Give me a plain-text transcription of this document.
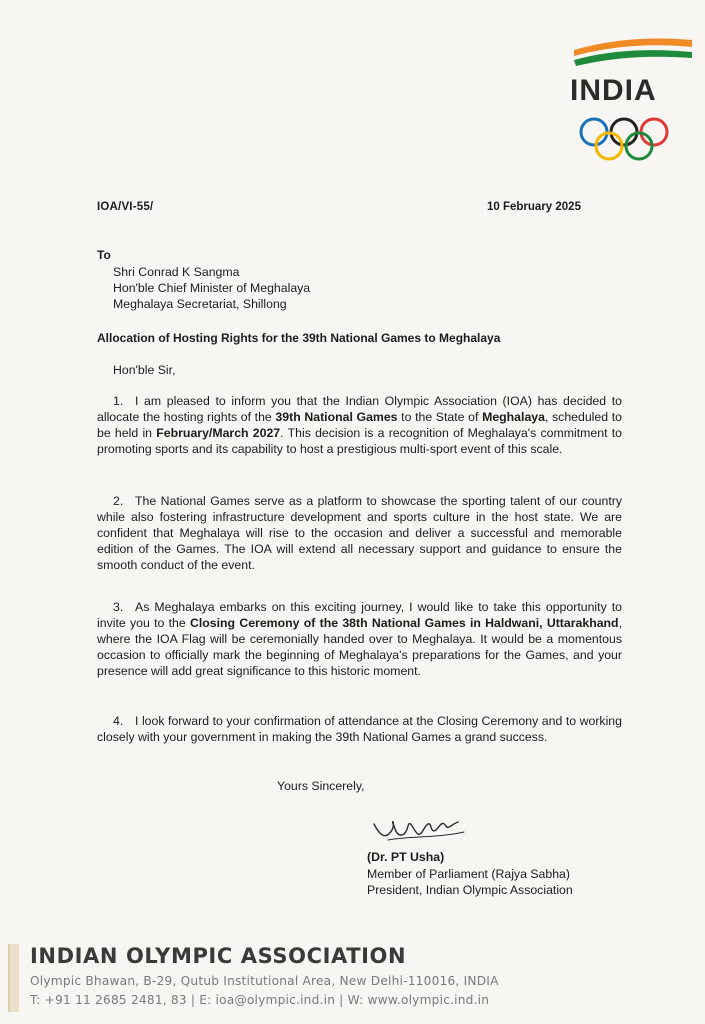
INDIA
IOA/VI-55/	10 February 2025
To
Shri Conrad K Sangma
Hon'ble Chief Minister of Meghalaya
Meghalaya Secretariat, Shillong
Allocation of Hosting Rights for the 39th National Games to Meghalaya
Hon'ble Sir,
1. I am pleased to inform you that the Indian Olympic Association (IOA) has decided to allocate the hosting rights of the 39th National Games to the State of Meghalaya, scheduled to be held in February/March 2027. This decision is a recognition of Meghalaya's commitment to promoting sports and its capability to host a prestigious multi-sport event of this scale.
2. The National Games serve as a platform to showcase the sporting talent of our country while also fostering infrastructure development and sports culture in the host state. We are confident that Meghalaya will rise to the occasion and deliver a successful and memorable edition of the Games. The IOA will extend all necessary support and guidance to ensure the smooth conduct of the event.
3. As Meghalaya embarks on this exciting journey, I would like to take this opportunity to invite you to the Closing Ceremony of the 38th National Games in Haldwani, Uttarakhand, where the IOA Flag will be ceremonially handed over to Meghalaya. It would be a momentous occasion to officially mark the beginning of Meghalaya's preparations for the Games, and your presence will add great significance to this historic moment.
4. I look forward to your confirmation of attendance at the Closing Ceremony and to working closely with your government in making the 39th National Games a grand success.
Yours Sincerely,
(Dr. PT Usha)
Member of Parliament (Rajya Sabha)
President, Indian Olympic Association
INDIAN OLYMPIC ASSOCIATION
Olympic Bhawan, B-29, Qutub Institutional Area, New Delhi-110016, INDIA
T: +91 11 2685 2481, 83 | E: ioa@olympic.ind.in | W: www.olympic.ind.in
